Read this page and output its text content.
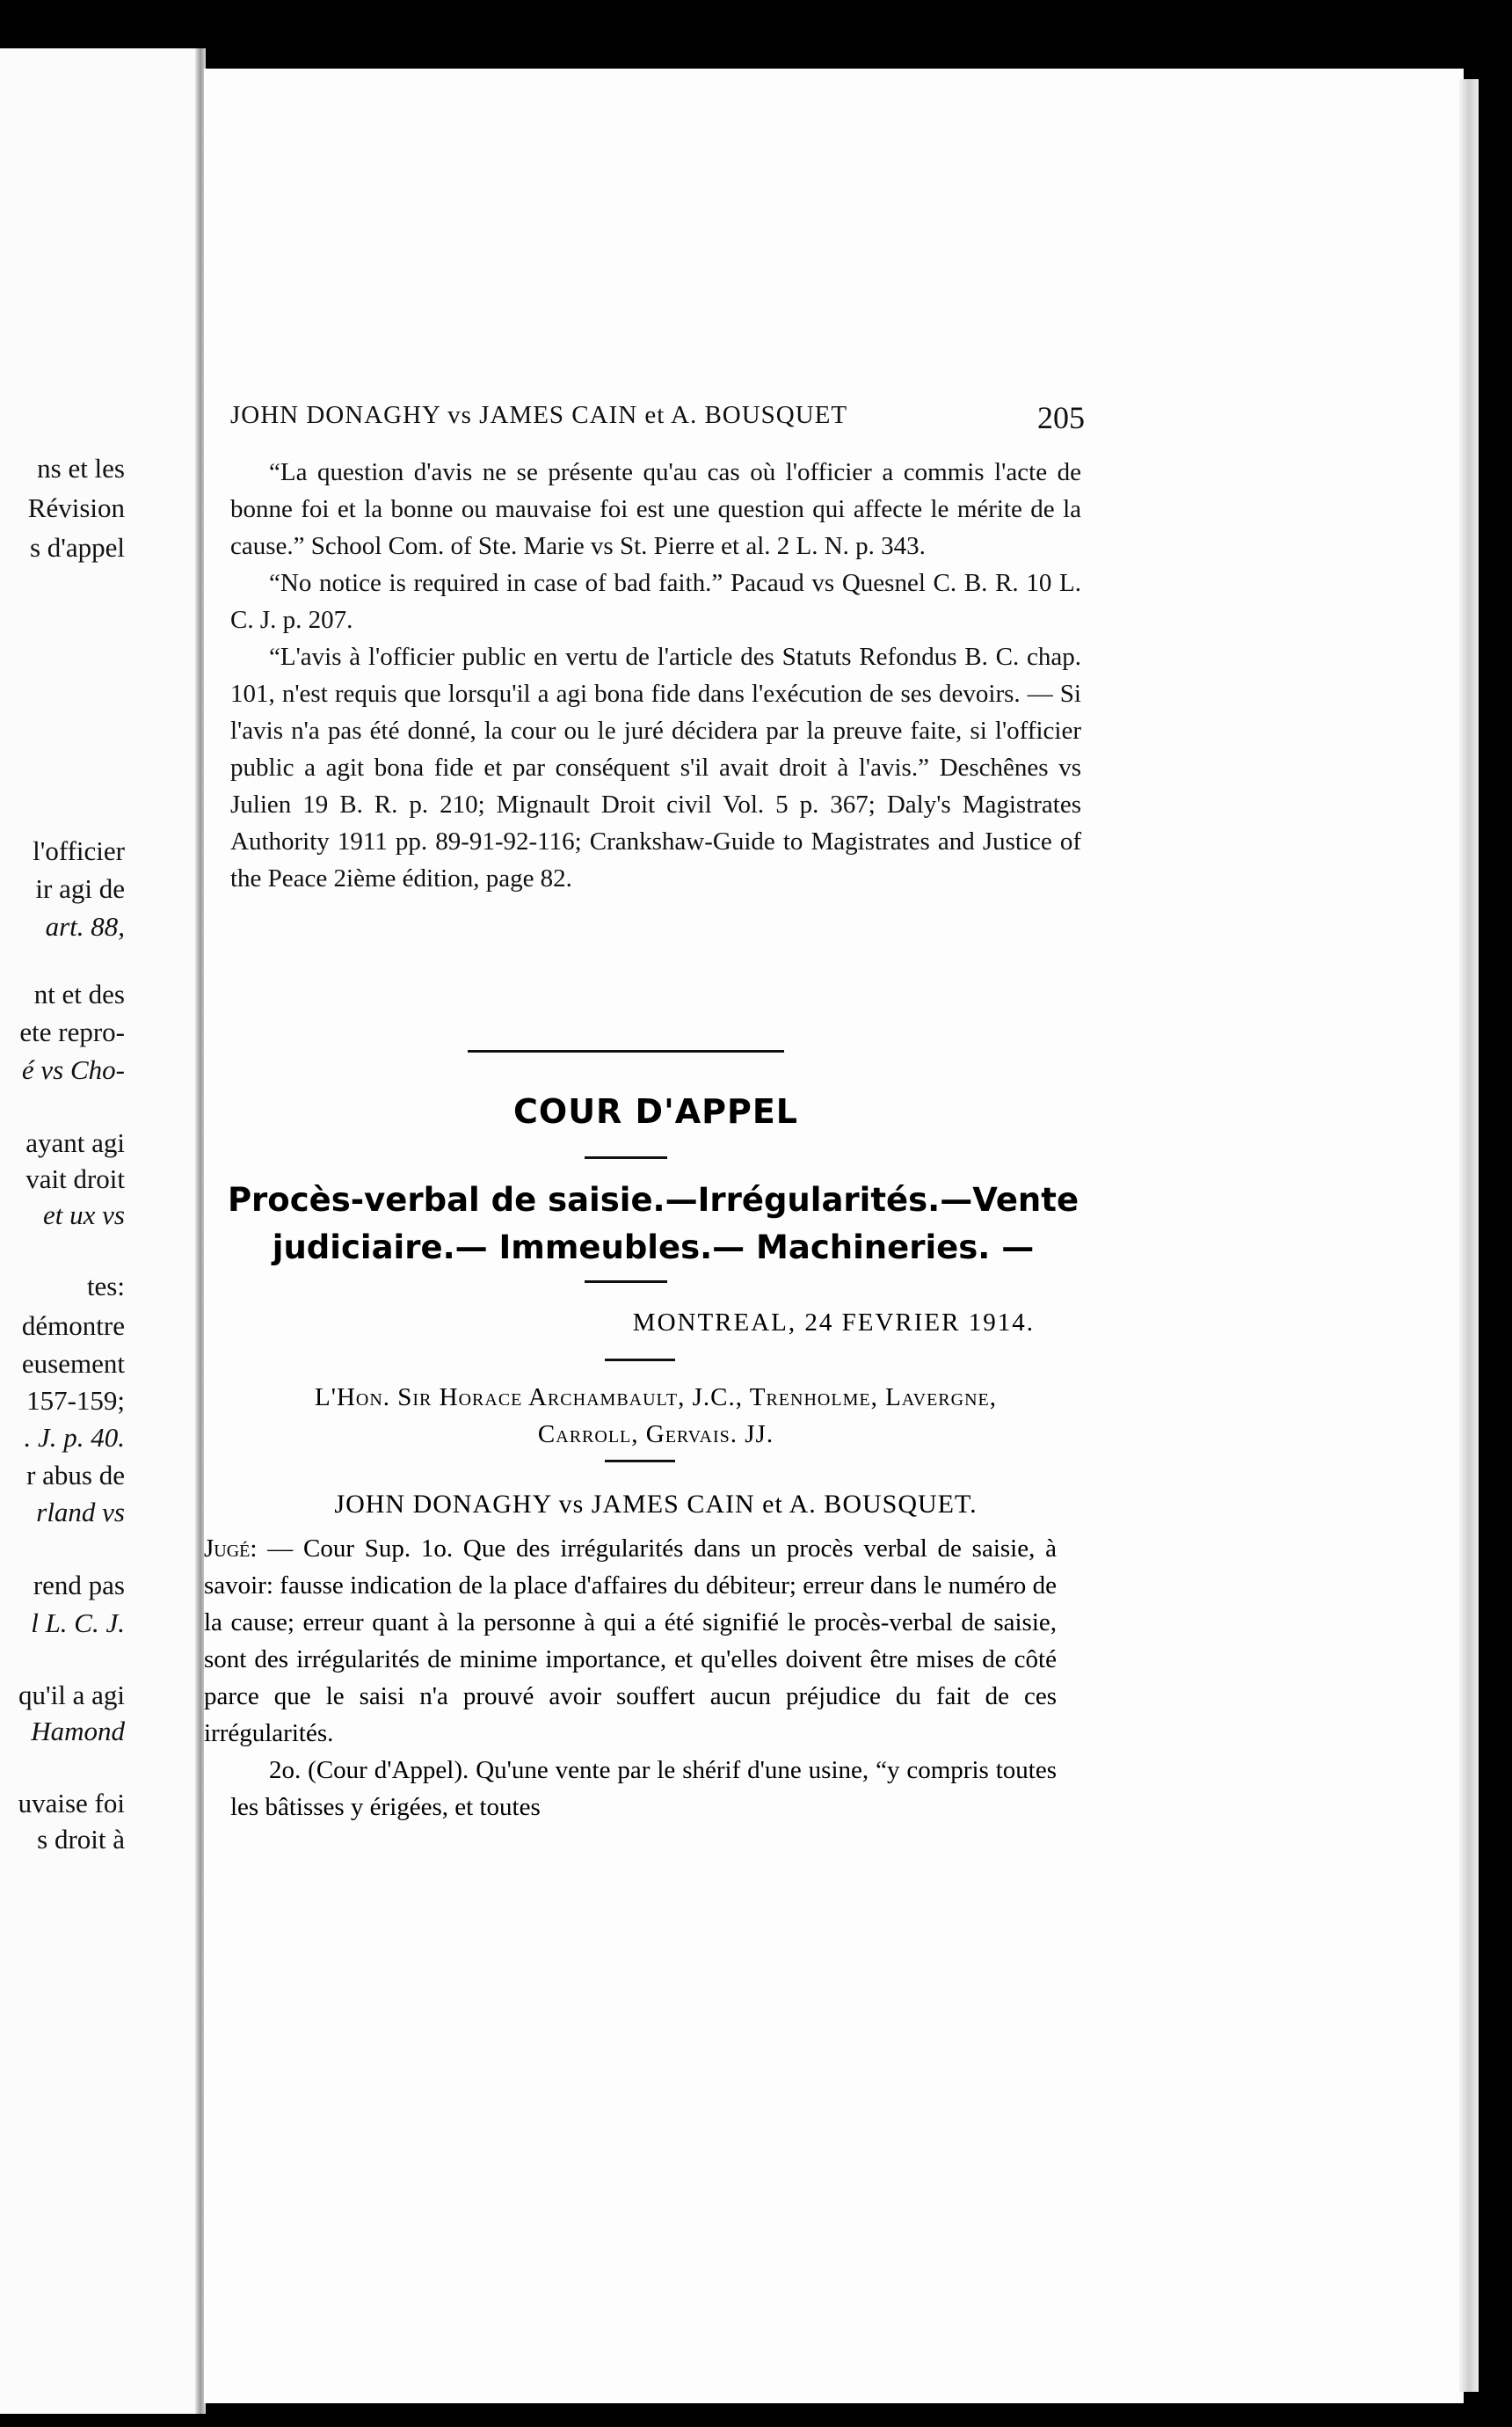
ns et les
Révision
s d'appel
l'officier
ir agi de
art. 88,
nt et des
ete repro-
é vs Cho-
ayant agi
vait droit
et ux vs
tes:
démontre
eusement
157-159;
. J. p. 40.
r abus de
rland vs
rend pas
l L. C. J.
qu'il a agi
Hamond
uvaise foi
s droit à
JOHN DONAGHY vs JAMES CAIN et A. BOUSQUET	205

“La question d'avis ne se présente qu'au cas où l'officier a commis l'acte de bonne foi et la bonne ou mauvaise foi est une question qui affecte le mérite de la cause.” School Com. of Ste. Marie vs St. Pierre et al. 2 L. N. p. 343.

“No notice is required in case of bad faith.” Pacaud vs Quesnel C. B. R. 10 L. C. J. p. 207.

“L'avis à l'officier public en vertu de l'article des Statuts Refondus B. C. chap. 101, n'est requis que lorsqu'il a agi bona fide dans l'exécution de ses devoirs. — Si l'avis n'a pas été donné, la cour ou le juré décidera par la preuve faite, si l'officier public a agit bona fide et par conséquent s'il avait droit à l'avis.” Deschênes vs Julien 19 B. R. p. 210; Mignault Droit civil Vol. 5 p. 367; Daly's Magistrates Authority 1911 pp. 89-91-92-116; Crankshaw-Guide to Magistrates and Justice of the Peace 2ième édition, page 82.

COUR D'APPEL
Procès-verbal de saisie.—Irrégularités.—Vente
judiciaire.— Immeubles.— Machineries. —
MONTREAL, 24 FEVRIER 1914.
L'Hon. Sir Horace Archambault, J.C., Trenholme, Lavergne,
Carroll, Gervais. JJ.
JOHN DONAGHY vs JAMES CAIN et A. BOUSQUET.

Jugé: — Cour Sup. 1o. Que des irrégularités dans un procès verbal de saisie, à savoir: fausse indication de la place d'affaires du débiteur; erreur dans le numéro de la cause; erreur quant à la personne à qui a été signifié le procès-verbal de saisie, sont des irrégularités de minime importance, et qu'elles doivent être mises de côté parce que le saisi n'a prouvé avoir souffert aucun préjudice du fait de ces irrégularités.

2o. (Cour d'Appel). Qu'une vente par le shérif d'une usine, “y compris toutes les bâtisses y érigées, et toutes
